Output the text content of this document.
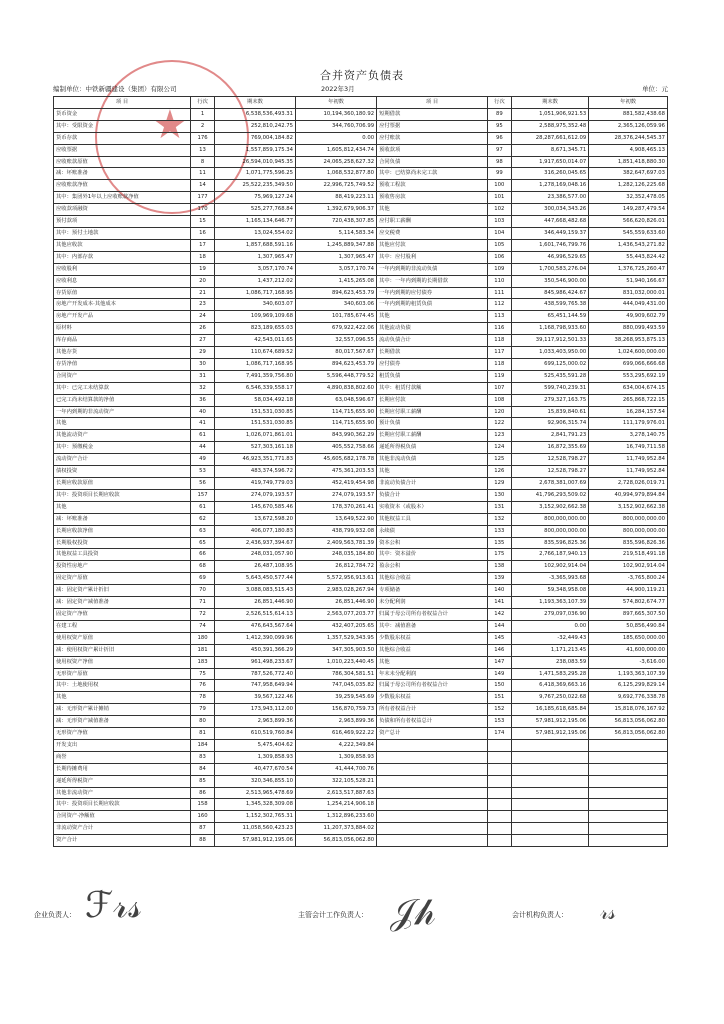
★
合并资产负债表
编制单位：中铁新疆建设（集团）有限公司	2022年3月	单位：元
项 目	行次	期末数	年初数	项 目	行次	期末数	年初数
货币资金	1	6,538,536,493.31	10,194,360,180.92	短期借款	89	1,051,906,921.53	881,582,438.68
其中：受限资金	2	252,810,242.75	344,760,706.99	应付票据	95	2,588,975,352.48	2,365,126,059.96
货币存款	176	769,004,184.82	0.00	应付账款	96	28,287,661,612.09	28,376,244,545.37
应收票据	13	1,557,859,175.34	1,605,812,434.74	预收款项	97	8,671,345.71	4,908,465.13
应收账款原值	8	26,594,010,945.35	24,065,258,627.32	合同负债	98	1,917,650,014.07	1,851,418,880.30
减：坏账准备	11	1,071,775,596.25	1,068,532,877.80	其中：已结算尚未完工款	99	316,260,045.65	382,647,697.03
应收账款净值	14	25,522,235,349.50	22,996,725,749.52	预收工程款	100	1,278,169,048.16	1,282,126,225.68
其中：集团外1年以上应收账款净值	177	75,969,127.24	88,419,223.11	预收售房款	101	23,386,577.00	32,352,478.05
应收款项融资	170	525,277,768.84	1,392,679,906.37	其他	102	300,034,343.26	149,287,479.54
预付款项	15	1,165,134,646.77	720,438,307.85	应付职工薪酬	103	447,668,482.68	566,620,826.01
其中：预付土地款	16	13,024,554.02	5,114,583.34	应交税费	104	346,449,159.37	545,559,633.60
其他应收款	17	1,857,688,591.16	1,245,889,347.88	其他应付款	105	1,601,746,799.76	1,436,543,271.82
其中：内部存款	18	1,307,965.47	1,307,965.47	其中：应付股利	106	46,996,529.65	55,443,824.42
应收股利	19	3,057,170.74	3,057,170.74	一年内到期的非流动负债	109	1,700,583,276.04	1,376,725,260.47
应收利息	20	1,437,212.02	1,415,265.08	其中：一年内到期的长期借款	110	350,546,900.00	51,940,166.67
存货原值	21	1,086,717,168.95	894,623,453.79	一年内到期的应付债券	111	845,986,424.67	831,032,000.01
房地产开发成本·其他成本	23	340,603.07	340,603.06	一年内到期的租赁负债	112	438,599,765.38	444,049,431.00
房地产开发产品	24	109,969,109.68	101,785,674.45	其他	113	65,451,144.59	49,909,602.79
原材料	26	823,189,655.03	679,922,422.06	其他流动负债	116	1,168,798,933.60	880,099,493.59
库存商品	27	42,543,011.65	32,557,096.55	流动负债合计	118	39,117,912,501.33	38,268,953,875.13
其他存货	29	110,674,689.52	80,017,567.67	长期借款	117	1,033,403,950.00	1,024,600,000.00
存货净值	30	1,086,717,168.95	894,623,453.79	应付债券	118	699,125,000.02	699,066,666.68
合同资产	31	7,491,359,756.80	5,596,448,779.52	租赁负债	119	525,435,591.28	553,295,692.19
其中：已完工未结算款	32	6,546,339,558.17	4,890,838,802.60	其中：租赁付款额	107	599,740,239.31	634,004,674.15
已完工尚未结算款的净值	36	58,034,492.18	63,048,596.67	长期应付款	108	279,327,163.75	265,868,722.15
一年内到期的非流动资产	40	151,531,030.85	114,715,655.90	长期应付职工薪酬	120	15,839,840.61	16,284,157.54
其他	41	151,531,030.85	114,715,655.90	预计负债	122	92,906,315.74	111,179,976.01
其他流动资产	61	1,026,071,861.01	843,990,362.29	长期应付职工薪酬	123	2,841,791.23	3,278,140.75
其中：预缴税金	44	527,303,161.18	405,552,758.66	递延所得税负债	124	16,872,355.69	16,749,711.58
流动资产合计	49	46,923,351,771.83	45,605,682,178.78	其他非流动负债	125	12,528,798.27	11,749,952.84
债权投资	53	483,374,596.72	475,361,203.53	其他	126	12,528,798.27	11,749,952.84
长期应收款原值	56	419,749,779.03	452,419,454.98	非流动负债合计	129	2,678,381,007.69	2,728,026,019.71
其中：投资项目长期应收款	157	274,079,193.57	274,079,193.57	负债合计	130	41,796,293,509.02	40,994,979,894.84
其他	61	145,670,585.46	178,370,261.41	实收资本（或股本）	131	3,152,902,662.38	3,152,902,662.38
减：坏账准备	62	13,672,598.20	13,649,522.90	其他权益工具	132	800,000,000.00	800,000,000.00
长期应收款净值	63	406,077,180.83	438,799,932.08	永续债	133	800,000,000.00	800,000,000.00
长期股权投资	65	2,436,937,394.67	2,409,563,781.39	资本公积	135	835,596,825.36	835,596,826.36
其他权益工具投资	66	248,031,057.90	248,035,184.80	其中：资本溢价	175	2,766,187,940.13	219,518,491.18
投资性房地产	68	26,487,108.95	26,812,784.72	盈余公积	138	102,902,914.04	102,902,914.04
固定资产原值	69	5,643,450,577.44	5,572,956,913.61	其他综合收益	139	-3,365,993.68	-3,765,800.24
减：固定资产累计折旧	70	3,088,083,515.43	2,983,028,267.94	专项储备	140	59,348,958.08	44,900,119.21
减：固定资产减值准备	71	26,851,446.90	26,851,446.90	未分配利润	141	1,193,363,107.39	574,802,674.77
固定资产净值	72	2,526,515,614.13	2,563,077,203.77	归属于母公司所有者权益合计	142	279,097,036.90	897,665,307.50
在建工程	74	476,643,567.64	432,407,205.65	其中：减值准备	144	0.00	50,856,490.84
使用权资产原值	180	1,412,390,099.96	1,357,529,343.95	少数股东权益	145	-32,449.43	185,650,000.00
减：使用权资产累计折旧	181	450,391,366.29	347,305,903.50	其他综合收益	146	1,171,213.45	41,600,000.00
使用权资产净值	183	961,498,233.67	1,010,223,440.45	其他	147	238,083.59	-3,616.00
无形资产原值	75	787,526,772.40	786,304,581.51	年末未分配利润	149	1,471,583,295.28	1,193,363,107.39
其中：土地使用权	76	747,958,649.94	747,045,035.82	归属于母公司所有者权益合计	150	6,418,369,663.16	6,125,299,829.14
其他	78	39,567,122.46	39,259,545.69	少数股东权益	151	9,767,250,022.68	9,692,776,338.78
减：无形资产累计摊销	79	173,943,112.00	156,870,759.73	所有者权益合计	152	16,185,618,685.84	15,818,076,167.92
减：无形资产减值准备	80	2,963,899.36	2,963,899.36	负债和所有者权益总计	153	57,981,912,195.06	56,813,056,062.80
无形资产净值	81	610,519,760.84	616,469,922.22	资产总计	174	57,981,912,195.06	56,813,056,062.80
开发支出	184	5,475,404.62	4,222,349.84				
商誉	83	1,309,858.93	1,309,858.93				
长期待摊费用	84	40,477,670.54	41,444,700.76				
递延所得税资产	85	320,346,855.10	322,105,528.21				
其他非流动资产	86	2,513,965,478.69	2,613,517,887.63				
其中：投资项目长期应收款	158	1,345,328,309.08	1,254,214,906.18				
合同资产·净额值	160	1,152,302,765.31	1,312,896,233.60				
非流动资产合计	87	11,058,560,423.23	11,207,373,884.02				
资产合计	88	57,981,912,195.06	56,813,056,062.80				
企业负责人：	主管会计工作负责人：	会计机构负责人：
ℱ𝓇𝓈	𝒥𝒽	𝓇𝓈
